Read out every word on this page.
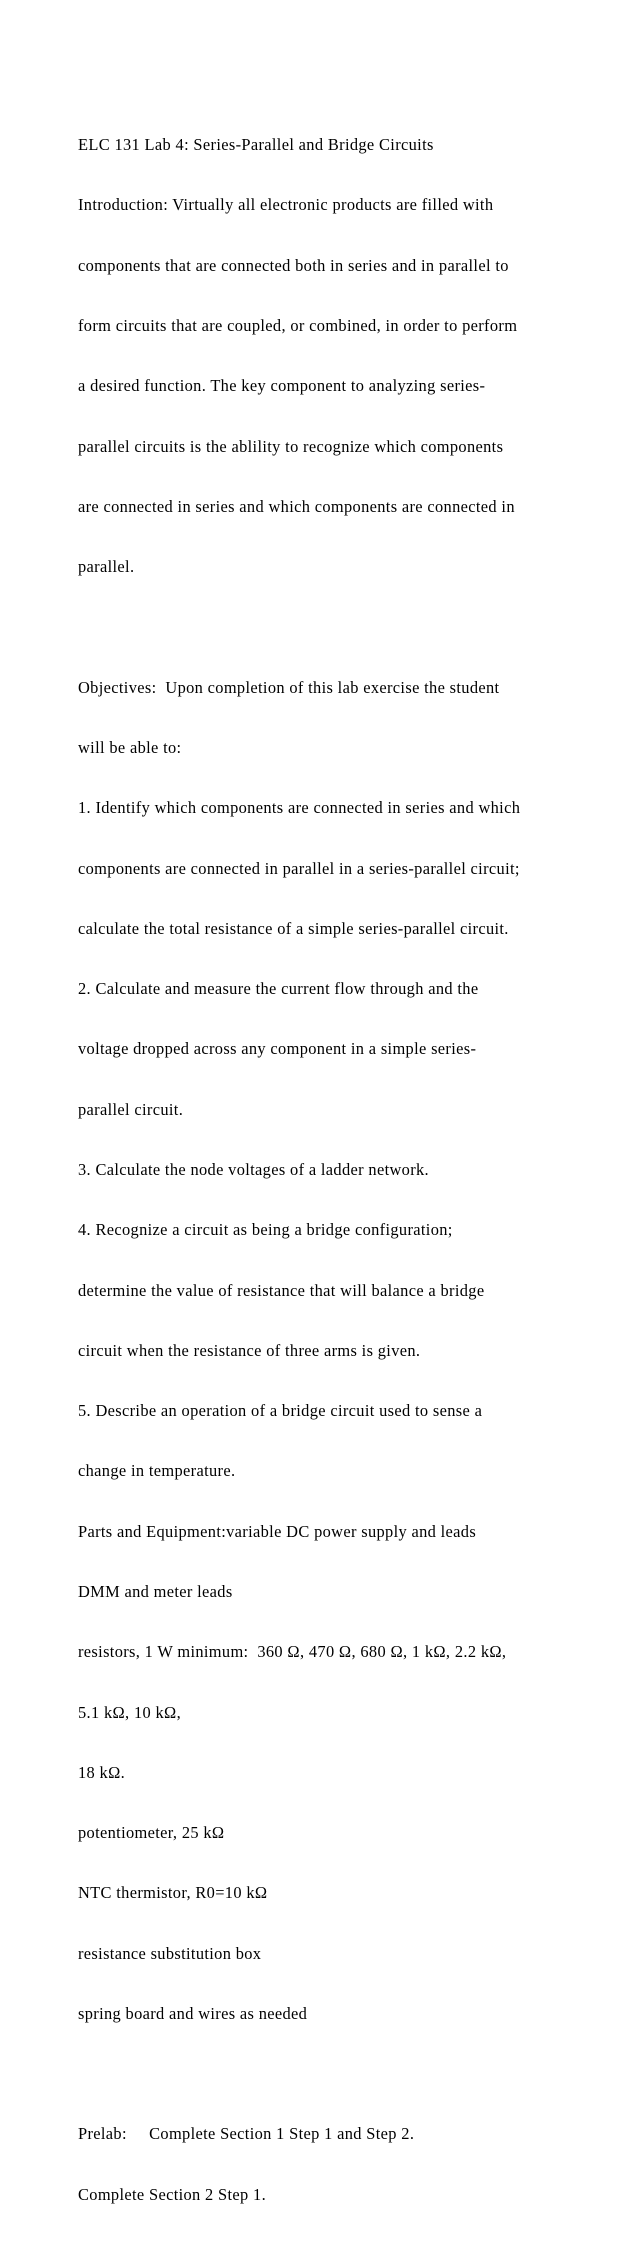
ELC 131 Lab 4: Series-Parallel and Bridge Circuits

Introduction: Virtually all electronic products are filled with

components that are connected both in series and in parallel to

form circuits that are coupled, or combined, in order to perform

a desired function. The key component to analyzing series-

parallel circuits is the ablility to recognize which components

are connected in series and which components are connected in

parallel.

Objectives:  Upon completion of this lab exercise the student

will be able to:

1. Identify which components are connected in series and which

components are connected in parallel in a series-parallel circuit;

calculate the total resistance of a simple series-parallel circuit.

2. Calculate and measure the current flow through and the

voltage dropped across any component in a simple series-

parallel circuit.

3. Calculate the node voltages of a ladder network.

4. Recognize a circuit as being a bridge configuration;

determine the value of resistance that will balance a bridge

circuit when the resistance of three arms is given.

5. Describe an operation of a bridge circuit used to sense a

change in temperature.

Parts and Equipment:variable DC power supply and leads

DMM and meter leads

resistors, 1 W minimum:  360 Ω, 470 Ω, 680 Ω, 1 kΩ, 2.2 kΩ,

5.1 kΩ, 10 kΩ,

18 kΩ.

potentiometer, 25 kΩ

NTC thermistor, R0=10 kΩ

resistance substitution box

spring board and wires as needed

Prelab:     Complete Section 1 Step 1 and Step 2.

Complete Section 2 Step 1.
